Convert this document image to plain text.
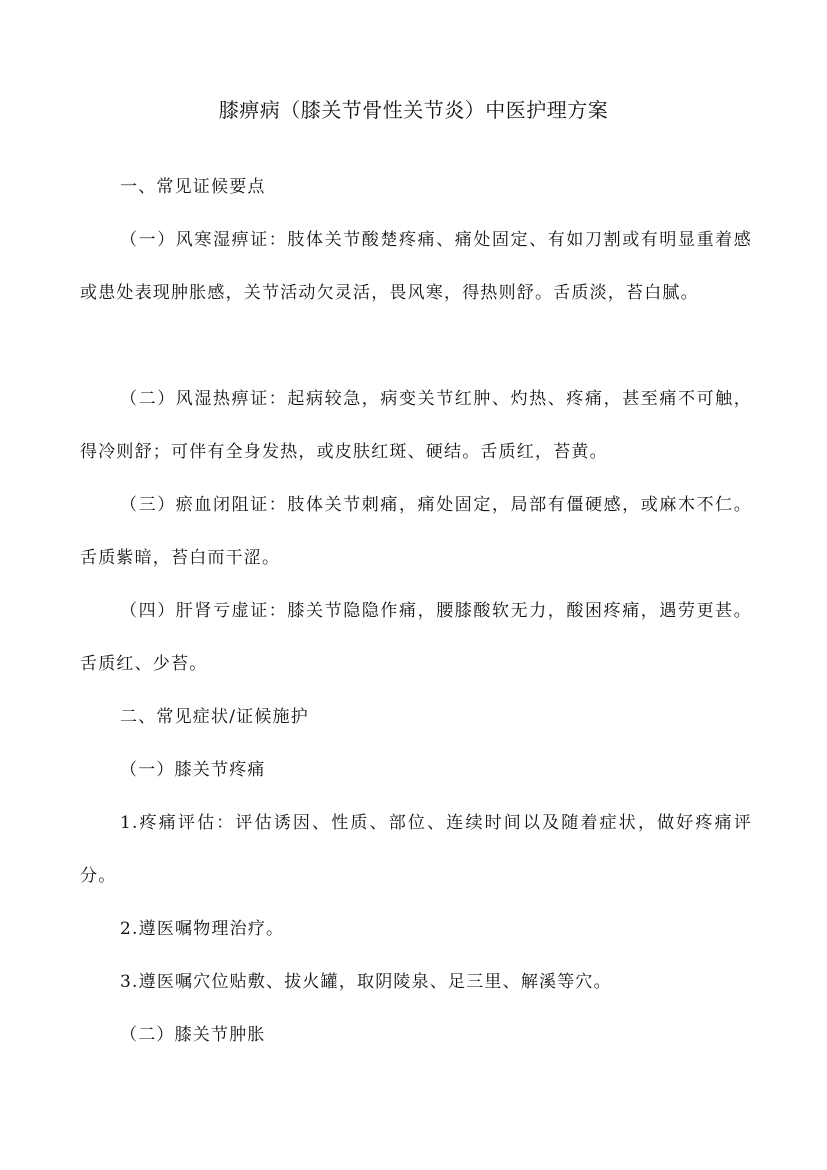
膝痹病（膝关节骨性关节炎）中医护理方案

一、常见证候要点

（一）风寒湿痹证：肢体关节酸楚疼痛、痛处固定、有如刀割或有明显重着感或患处表现肿胀感，关节活动欠灵活，畏风寒，得热则舒。舌质淡，苔白腻。

（二）风湿热痹证：起病较急，病变关节红肿、灼热、疼痛，甚至痛不可触，得冷则舒；可伴有全身发热，或皮肤红斑、硬结。舌质红，苔黄。

（三）瘀血闭阻证：肢体关节刺痛，痛处固定，局部有僵硬感，或麻木不仁。舌质紫暗，苔白而干涩。

（四）肝肾亏虚证：膝关节隐隐作痛，腰膝酸软无力，酸困疼痛，遇劳更甚。舌质红、少苔。

二、常见症状/证候施护

（一）膝关节疼痛

1.疼痛评估：评估诱因、性质、部位、连续时间以及随着症状，做好疼痛评分。

2.遵医嘱物理治疗。

3.遵医嘱穴位贴敷、拔火罐，取阴陵泉、足三里、解溪等穴。

（二）膝关节肿胀
